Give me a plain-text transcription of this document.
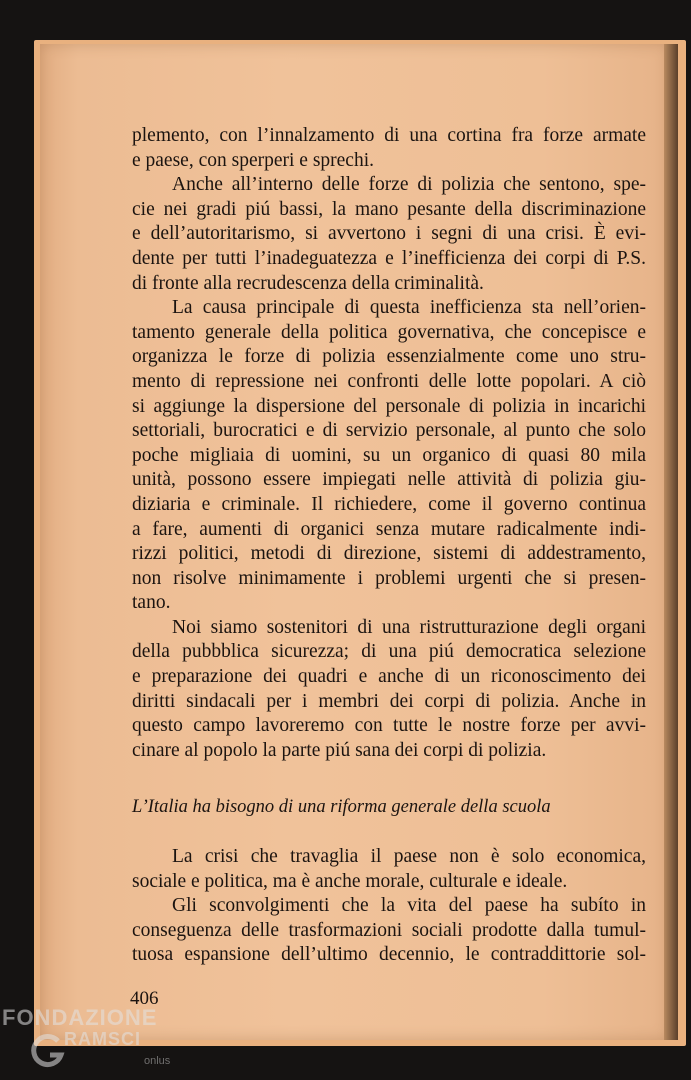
plemento, con l’innalzamento di una cortina fra forze armate
e paese, con sperperi e sprechi.
Anche all’interno delle forze di polizia che sentono, spe-
cie nei gradi piú bassi, la mano pesante della discriminazione
e dell’autoritarismo, si avvertono i segni di una crisi. È evi-
dente per tutti l’inadeguatezza e l’inefficienza dei corpi di P.S.
di fronte alla recrudescenza della criminalità.
La causa principale di questa inefficienza sta nell’orien-
tamento generale della politica governativa, che concepisce e
organizza le forze di polizia essenzialmente come uno stru-
mento di repressione nei confronti delle lotte popolari. A ciò
si aggiunge la dispersione del personale di polizia in incarichi
settoriali, burocratici e di servizio personale, al punto che solo
poche migliaia di uomini, su un organico di quasi 80 mila
unità, possono essere impiegati nelle attività di polizia giu-
diziaria e criminale. Il richiedere, come il governo continua
a fare, aumenti di organici senza mutare radicalmente indi-
rizzi politici, metodi di direzione, sistemi di addestramento,
non risolve minimamente i problemi urgenti che si presen-
tano.
Noi siamo sostenitori di una ristrutturazione degli organi
della pubbblica sicurezza; di una piú democratica selezione
e preparazione dei quadri e anche di un riconoscimento dei
diritti sindacali per i membri dei corpi di polizia. Anche in
questo campo lavoreremo con tutte le nostre forze per avvi-
cinare al popolo la parte piú sana dei corpi di polizia.
L’Italia ha bisogno di una riforma generale della scuola
La crisi che travaglia il paese non è solo economica,
sociale e politica, ma è anche morale, culturale e ideale.
Gli sconvolgimenti che la vita del paese ha subíto in
conseguenza delle trasformazioni sociali prodotte dalla tumul-
tuosa espansione dell’ultimo decennio, le contraddittorie sol-
406
FONDAZIONE
RAMSCI
onlus
